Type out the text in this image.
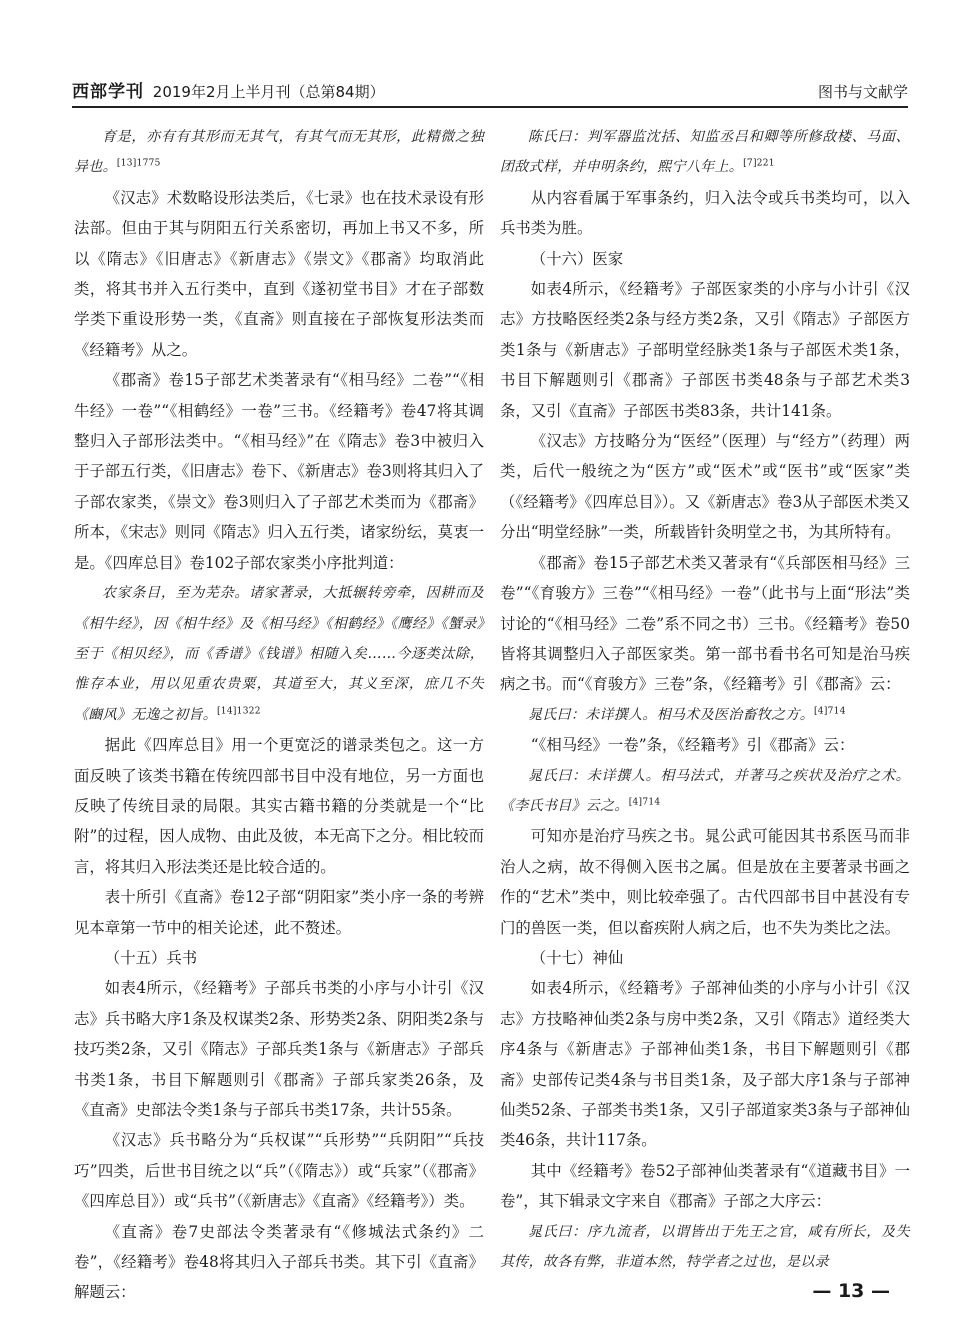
西部学刊 2019年2月上半月刊（总第84期）	图书与文献学

育是，亦有有其形而无其气，有其气而无其形，此精微之独异也。$^{[13]1775}$

《汉志》术数略设形法类后，《七录》也在技术录设有形法部。但由于其与阴阳五行关系密切，再加上书又不多，所以《隋志》《旧唐志》《新唐志》《崇文》《郡斋》均取消此类，将其书并入五行类中，直到《遂初堂书目》才在子部数学类下重设形势一类，《直斋》则直接在子部恢复形法类而《经籍考》从之。

《郡斋》卷15子部艺术类著录有“《相马经》二卷”“《相牛经》一卷”“《相鹤经》一卷”三书。《经籍考》卷47将其调整归入子部形法类中。“《相马经》”在《隋志》卷3中被归入于子部五行类，《旧唐志》卷下、《新唐志》卷3则将其归入了子部农家类，《崇文》卷3则归入了子部艺术类而为《郡斋》所本，《宋志》则同《隋志》归入五行类，诸家纷纭，莫衷一是。《四库总目》卷102子部农家类小序批判道：

农家条目，至为芜杂。诸家著录，大抵辗转旁牵，因耕而及《相牛经》，因《相牛经》及《相马经》《相鹤经》《鹰经》《蟹录》至于《相贝经》，而《香谱》《钱谱》相随入矣……今逐类汰除，惟存本业，用以见重农贵粟，其道至大，其义至深，庶几不失《豳风》无逸之初旨。$^{[14]1322}$

据此《四库总目》用一个更宽泛的谱录类包之。这一方面反映了该类书籍在传统四部书目中没有地位，另一方面也反映了传统目录的局限。其实古籍书籍的分类就是一个“比附”的过程，因人成物、由此及彼，本无高下之分。相比较而言，将其归入形法类还是比较合适的。

表十所引《直斋》卷12子部“阴阳家”类小序一条的考辨见本章第一节中的相关论述，此不赘述。

（十五）兵书

如表4所示，《经籍考》子部兵书类的小序与小计引《汉志》兵书略大序1条及权谋类2条、形势类2条、阴阳类2条与技巧类2条，又引《隋志》子部兵类1条与《新唐志》子部兵书类1条，书目下解题则引《郡斋》子部兵家类26条，及《直斋》史部法令类1条与子部兵书类17条，共计55条。

《汉志》兵书略分为“兵权谋”“兵形势”“兵阴阳”“兵技巧”四类，后世书目统之以“兵”（《隋志》）或“兵家”（《郡斋》《四库总目》）或“兵书”（《新唐志》《直斋》《经籍考》）类。

《直斋》卷7史部法令类著录有“《修城法式条约》二卷”，《经籍考》卷48将其归入子部兵书类。其下引《直斋》解题云：

陈氏曰：判军器监沈括、知监丞吕和卿等所修敌楼、马面、团敌式样，并申明条约，熙宁八年上。$^{[7]221}$

从内容看属于军事条约，归入法令或兵书类均可，以入兵书类为胜。

（十六）医家

如表4所示，《经籍考》子部医家类的小序与小计引《汉志》方技略医经类2条与经方类2条，又引《隋志》子部医方类1条与《新唐志》子部明堂经脉类1条与子部医术类1条，书目下解题则引《郡斋》子部医书类48条与子部艺术类3条，又引《直斋》子部医书类83条，共计141条。

《汉志》方技略分为“医经”（医理）与“经方”（药理）两类，后代一般统之为“医方”或“医术”或“医书”或“医家”类（《经籍考》《四库总目》）。又《新唐志》卷3从子部医术类又分出“明堂经脉”一类，所载皆针灸明堂之书，为其所特有。

《郡斋》卷15子部艺术类又著录有“《兵部医相马经》三卷”“《育骏方》三卷”“《相马经》一卷”（此书与上面“形法”类讨论的“《相马经》二卷”系不同之书）三书。《经籍考》卷50皆将其调整归入子部医家类。第一部书看书名可知是治马疾病之书。而“《育骏方》三卷”条，《经籍考》引《郡斋》云：

晁氏曰：未详撰人。相马术及医治畜牧之方。$^{[4]714}$

“《相马经》一卷”条，《经籍考》引《郡斋》云：

晁氏曰：未详撰人。相马法式，并著马之疾状及治疗之术。《李氏书目》云之。$^{[4]714}$

可知亦是治疗马疾之书。晁公武可能因其书系医马而非治人之病，故不得侧入医书之属。但是放在主要著录书画之作的“艺术”类中，则比较牵强了。古代四部书目中甚没有专门的兽医一类，但以畜疾附人病之后，也不失为类比之法。

（十七）神仙

如表4所示，《经籍考》子部神仙类的小序与小计引《汉志》方技略神仙类2条与房中类2条，又引《隋志》道经类大序4条与《新唐志》子部神仙类1条，书目下解题则引《郡斋》史部传记类4条与书目类1条，及子部大序1条与子部神仙类52条、子部类书类1条，又引子部道家类3条与子部神仙类46条，共计117条。

其中《经籍考》卷52子部神仙类著录有“《道藏书目》一卷”，其下辑录文字来自《郡斋》子部之大序云：

晁氏曰：序九流者，以谓皆出于先王之官，咸有所长，及失其传，故各有弊，非道本然，特学者之过也，是以录

— 13 —
